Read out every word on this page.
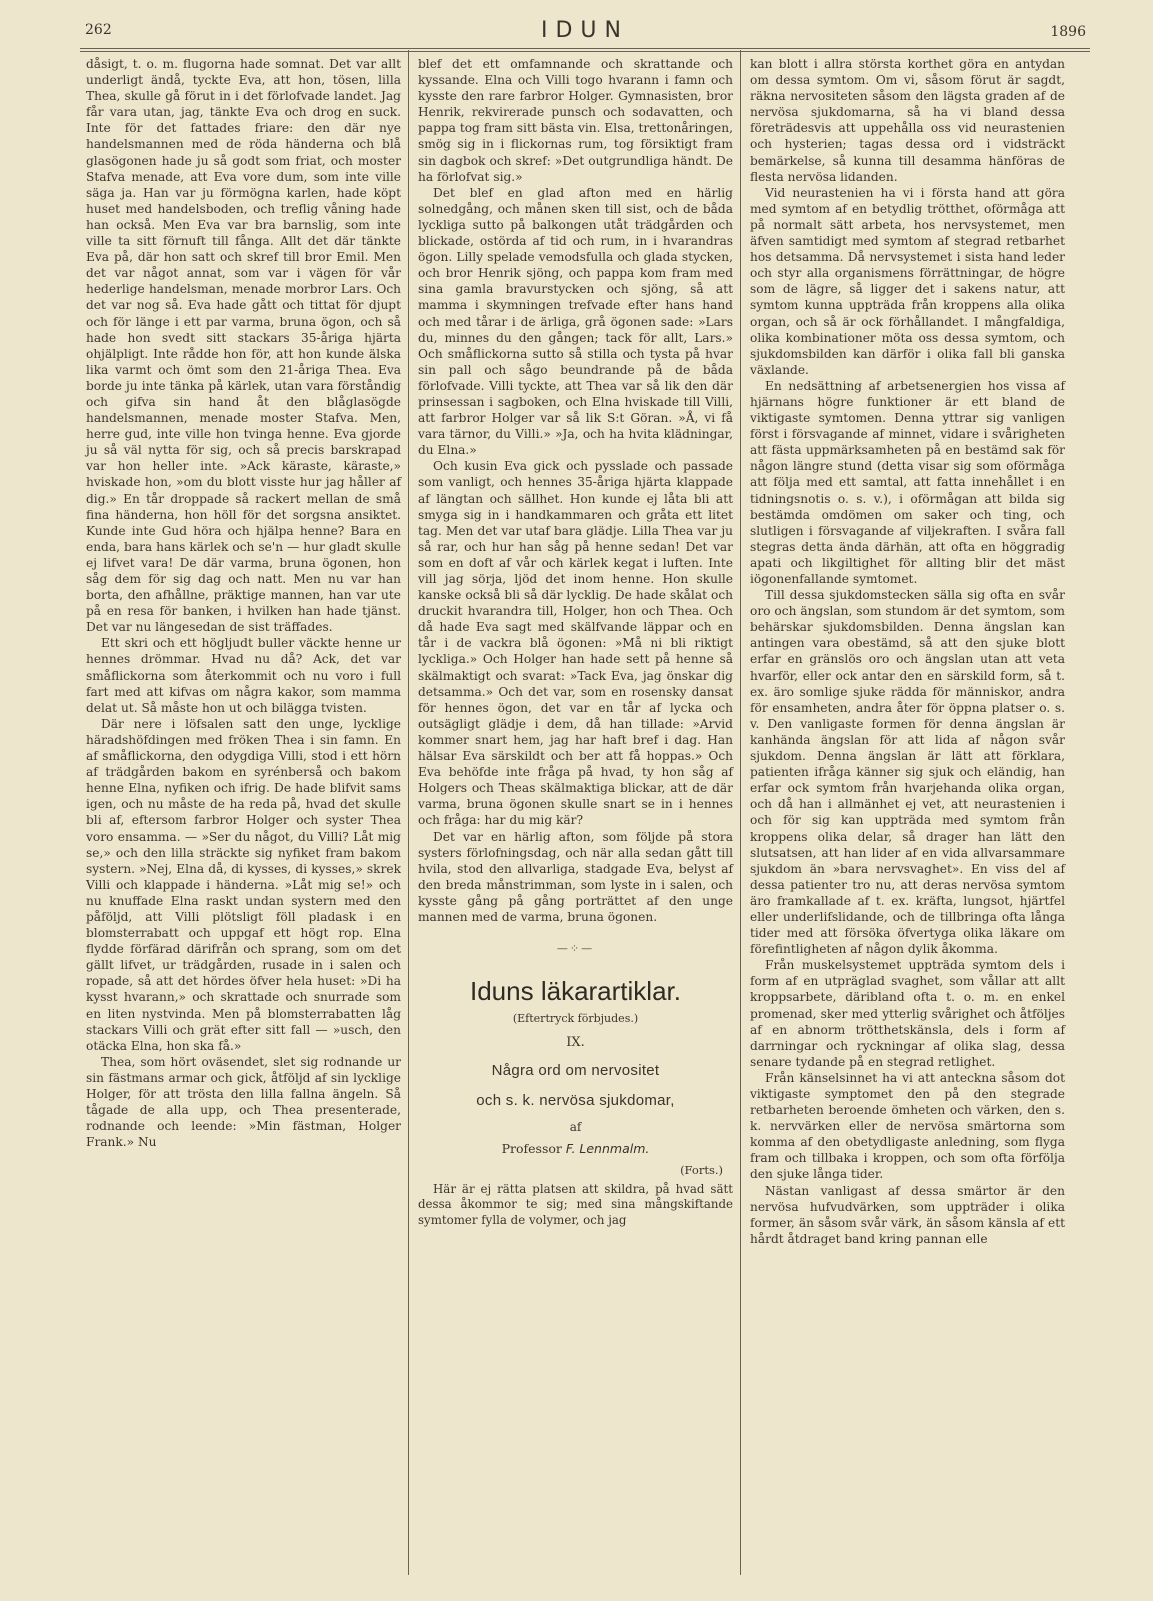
262	IDUN	1896

dåsigt, t. o. m. flugorna hade somnat. Det var allt underligt ändå, tyckte Eva, att hon, tösen, lilla Thea, skulle gå förut in i det förlofvade landet. Jag får vara utan, jag, tänkte Eva och drog en suck. Inte för det fattades friare: den där nye handelsmannen med de röda händerna och blå glasögonen hade ju så godt som friat, och moster Stafva menade, att Eva vore dum, som inte ville säga ja. Han var ju förmögna karlen, hade köpt huset med handelsboden, och treflig våning hade han också. Men Eva var bra barnslig, som inte ville ta sitt förnuft till fånga. Allt det där tänkte Eva på, där hon satt och skref till bror Emil. Men det var något annat, som var i vägen för vår hederlige handelsman, menade morbror Lars. Och det var nog så. Eva hade gått och tittat för djupt och för länge i ett par varma, bruna ögon, och så hade hon svedt sitt stackars 35-åriga hjärta ohjälpligt. Inte rådde hon för, att hon kunde älska lika varmt och ömt som den 21-åriga Thea. Eva borde ju inte tänka på kärlek, utan vara förståndig och gifva sin hand åt den blåglasögde handelsmannen, menade moster Stafva. Men, herre gud, inte ville hon tvinga henne. Eva gjorde ju så väl nytta för sig, och så precis barskrapad var hon heller inte. »Ack käraste, käraste,» hviskade hon, »om du blott visste hur jag håller af dig.» En tår droppade så rackert mellan de små fina händerna, hon höll för det sorgsna ansiktet. Kunde inte Gud höra och hjälpa henne? Bara en enda, bara hans kärlek och se'n — hur gladt skulle ej lifvet vara! De där varma, bruna ögonen, hon såg dem för sig dag och natt. Men nu var han borta, den afhållne, präktige mannen, han var ute på en resa för banken, i hvilken han hade tjänst. Det var nu längesedan de sist träffades.

Ett skri och ett högljudt buller väckte henne ur hennes drömmar. Hvad nu då? Ack, det var småflickorna som återkommit och nu voro i full fart med att kifvas om några kakor, som mamma delat ut. Så måste hon ut och bilägga tvisten.

Där nere i löfsalen satt den unge, lycklige häradshöfdingen med fröken Thea i sin famn. En af småflickorna, den odygdiga Villi, stod i ett hörn af trädgården bakom en syrénberså och bakom henne Elna, nyfiken och ifrig. De hade blifvit sams igen, och nu måste de ha reda på, hvad det skulle bli af, eftersom farbror Holger och syster Thea voro ensamma. — »Ser du något, du Villi? Låt mig se,» och den lilla sträckte sig nyfiket fram bakom systern. »Nej, Elna då, di kysses, di kysses,» skrek Villi och klappade i händerna. »Låt mig se!» och nu knuffade Elna raskt undan systern med den påföljd, att Villi plötsligt föll pladask i en blomsterrabatt och uppgaf ett högt rop. Elna flydde förfärad därifrån och sprang, som om det gällt lifvet, ur trädgården, rusade in i salen och ropade, så att det hördes öfver hela huset: »Di ha kysst hvarann,» och skrattade och snurrade som en liten nystvinda. Men på blomsterrabatten låg stackars Villi och grät efter sitt fall — »usch, den otäcka Elna, hon ska få.»

Thea, som hört oväsendet, slet sig rodnande ur sin fästmans armar och gick, åtföljd af sin lycklige Holger, för att trösta den lilla fallna ängeln. Så tågade de alla upp, och Thea presenterade, rodnande och leende: »Min fästman, Holger Frank.» Nu

blef det ett omfamnande och skrattande och kyssande. Elna och Villi togo hvarann i famn och kysste den rare farbror Holger. Gymnasisten, bror Henrik, rekvirerade punsch och sodavatten, och pappa tog fram sitt bästa vin. Elsa, trettonåringen, smög sig in i flickornas rum, tog försiktigt fram sin dagbok och skref: »Det outgrundliga händt. De ha förlofvat sig.»

Det blef en glad afton med en härlig solnedgång, och månen sken till sist, och de båda lyckliga sutto på balkongen utåt trädgården och blickade, ostörda af tid och rum, in i hvarandras ögon. Lilly spelade vemodsfulla och glada stycken, och bror Henrik sjöng, och pappa kom fram med sina gamla bravurstycken och sjöng, så att mamma i skymningen trefvade efter hans hand och med tårar i de ärliga, grå ögonen sade: »Lars du, minnes du den gången; tack för allt, Lars.» Och småflickorna sutto så stilla och tysta på hvar sin pall och sågo beundrande på de båda förlofvade. Villi tyckte, att Thea var så lik den där prinsessan i sagboken, och Elna hviskade till Villi, att farbror Holger var så lik S:t Göran. »Å, vi få vara tärnor, du Villi.» »Ja, och ha hvita klädningar, du Elna.»

Och kusin Eva gick och pysslade och passade som vanligt, och hennes 35-åriga hjärta klappade af längtan och sällhet. Hon kunde ej låta bli att smyga sig in i handkammaren och gråta ett litet tag. Men det var utaf bara glädje. Lilla Thea var ju så rar, och hur han såg på henne sedan! Det var som en doft af vår och kärlek kegat i luften. Inte vill jag sörja, ljöd det inom henne. Hon skulle kanske också bli så där lycklig. De hade skålat och druckit hvarandra till, Holger, hon och Thea. Och då hade Eva sagt med skälfvande läppar och en tår i de vackra blå ögonen: »Må ni bli riktigt lyckliga.» Och Holger han hade sett på henne så skälmaktigt och svarat: »Tack Eva, jag önskar dig detsamma.» Och det var, som en rosensky dansat för hennes ögon, det var en tår af lycka och outsägligt glädje i dem, då han tillade: »Arvid kommer snart hem, jag har haft bref i dag. Han hälsar Eva särskildt och ber att få hoppas.» Och Eva behöfde inte fråga på hvad, ty hon såg af Holgers och Theas skälmaktiga blickar, att de där varma, bruna ögonen skulle snart se in i hennes och fråga: har du mig kär?

Det var en härlig afton, som följde på stora systers förlofningsdag, och när alla sedan gått till hvila, stod den allvarliga, stadgade Eva, belyst af den breda månstrimman, som lyste in i salen, och kysste gång på gång porträttet af den unge mannen med de varma, bruna ögonen.

—⁘—
Iduns läkarartiklar.
(Eftertryck förbjudes.)
IX.
Några ord om nervositet
och s. k. nervösa sjukdomar,
af
Professor F. Lennmalm.
(Forts.)

Här är ej rätta platsen att skildra, på hvad sätt dessa åkommor te sig; med sina mångskiftande symtomer fylla de volymer, och jag

kan blott i allra största korthet göra en antydan om dessa symtom. Om vi, såsom förut är sagdt, räkna nervositeten såsom den lägsta graden af de nervösa sjukdomarna, så ha vi bland dessa företrädesvis att uppehålla oss vid neurastenien och hysterien; tagas dessa ord i vidsträckt bemärkelse, så kunna till desamma hänföras de flesta nervösa lidanden.

Vid neurastenien ha vi i första hand att göra med symtom af en betydlig trötthet, oförmåga att på normalt sätt arbeta, hos nervsystemet, men äfven samtidigt med symtom af stegrad retbarhet hos detsamma. Då nervsystemet i sista hand leder och styr alla organismens förrättningar, de högre som de lägre, så ligger det i sakens natur, att symtom kunna uppträda från kroppens alla olika organ, och så är ock förhållandet. I mångfaldiga, olika kombinationer möta oss dessa symtom, och sjukdomsbilden kan därför i olika fall bli ganska växlande.

En nedsättning af arbetsenergien hos vissa af hjärnans högre funktioner är ett bland de viktigaste symtomen. Denna yttrar sig vanligen först i försvagande af minnet, vidare i svårigheten att fästa uppmärksamheten på en bestämd sak för någon längre stund (detta visar sig som oförmåga att följa med ett samtal, att fatta innehållet i en tidningsnotis o. s. v.), i oförmågan att bilda sig bestämda omdömen om saker och ting, och slutligen i försvagande af viljekraften. I svåra fall stegras detta ända därhän, att ofta en höggradig apati och likgiltighet för allting blir det mäst iögonenfallande symtomet.

Till dessa sjukdomstecken sälla sig ofta en svår oro och ängslan, som stundom är det symtom, som behärskar sjukdomsbilden. Denna ängslan kan antingen vara obestämd, så att den sjuke blott erfar en gränslös oro och ängslan utan att veta hvarför, eller ock antar den en särskild form, så t. ex. äro somlige sjuke rädda för människor, andra för ensamheten, andra åter för öppna platser o. s. v. Den vanligaste formen för denna ängslan är kanhända ängslan för att lida af någon svår sjukdom. Denna ängslan är lätt att förklara, patienten ifråga känner sig sjuk och eländig, han erfar ock symtom från hvarjehanda olika organ, och då han i allmänhet ej vet, att neurastenien i och för sig kan uppträda med symtom från kroppens olika delar, så drager han lätt den slutsatsen, att han lider af en vida allvarsammare sjukdom än »bara nervsvaghet». En viss del af dessa patienter tro nu, att deras nervösa symtom äro framkallade af t. ex. kräfta, lungsot, hjärtfel eller underlifslidande, och de tillbringa ofta långa tider med att försöka öfvertyga olika läkare om förefintligheten af någon dylik åkomma.

Från muskelsystemet uppträda symtom dels i form af en utpräglad svaghet, som vållar att allt kroppsarbete, däribland ofta t. o. m. en enkel promenad, sker med ytterlig svårighet och åtföljes af en abnorm trötthetskänsla, dels i form af darrningar och ryckningar af olika slag, dessa senare tydande på en stegrad retlighet.

Från känselsinnet ha vi att anteckna såsom dot viktigaste symptomet den på den stegrade retbarheten beroende ömheten och värken, den s. k. nervvärken eller de nervösa smärtorna som komma af den obetydligaste anledning, som flyga fram och tillbaka i kroppen, och som ofta förfölja den sjuke långa tider.

Nästan vanligast af dessa smärtor är den nervösa hufvudvärken, som uppträder i olika former, än såsom svår värk, än såsom känsla af ett hårdt åtdraget band kring pannan elle
